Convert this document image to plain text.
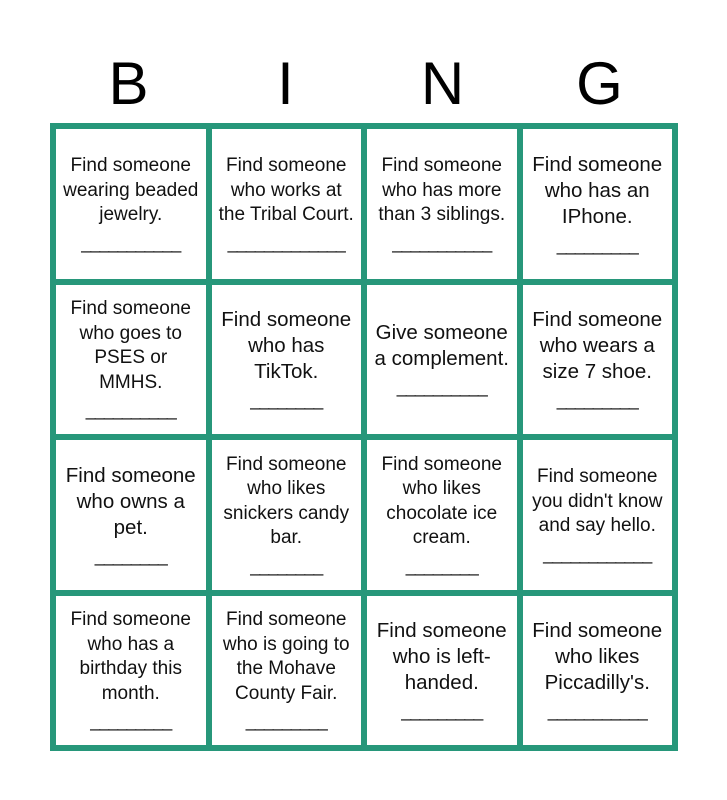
B	I	N	G
Find someone wearing beaded jewelry.
___________
Find someone who works at the Tribal Court.
_____________
Find someone who has more than 3 siblings.
___________
Find someone who has an IPhone.
_________
Find someone who goes to PSES or MMHS.
__________
Find someone who has TikTok.
________
Give someone a complement.
__________
Find someone who wears a size 7 shoe.
_________
Find someone who owns a pet.
________
Find someone who likes snickers candy bar.
________
Find someone who likes chocolate ice cream.
________
Find someone you didn't know and say hello.
____________
Find someone who has a birthday this month.
_________
Find someone who is going to the Mohave County Fair.
_________
Find someone who is left-handed.
_________
Find someone who likes Piccadilly's.
___________
